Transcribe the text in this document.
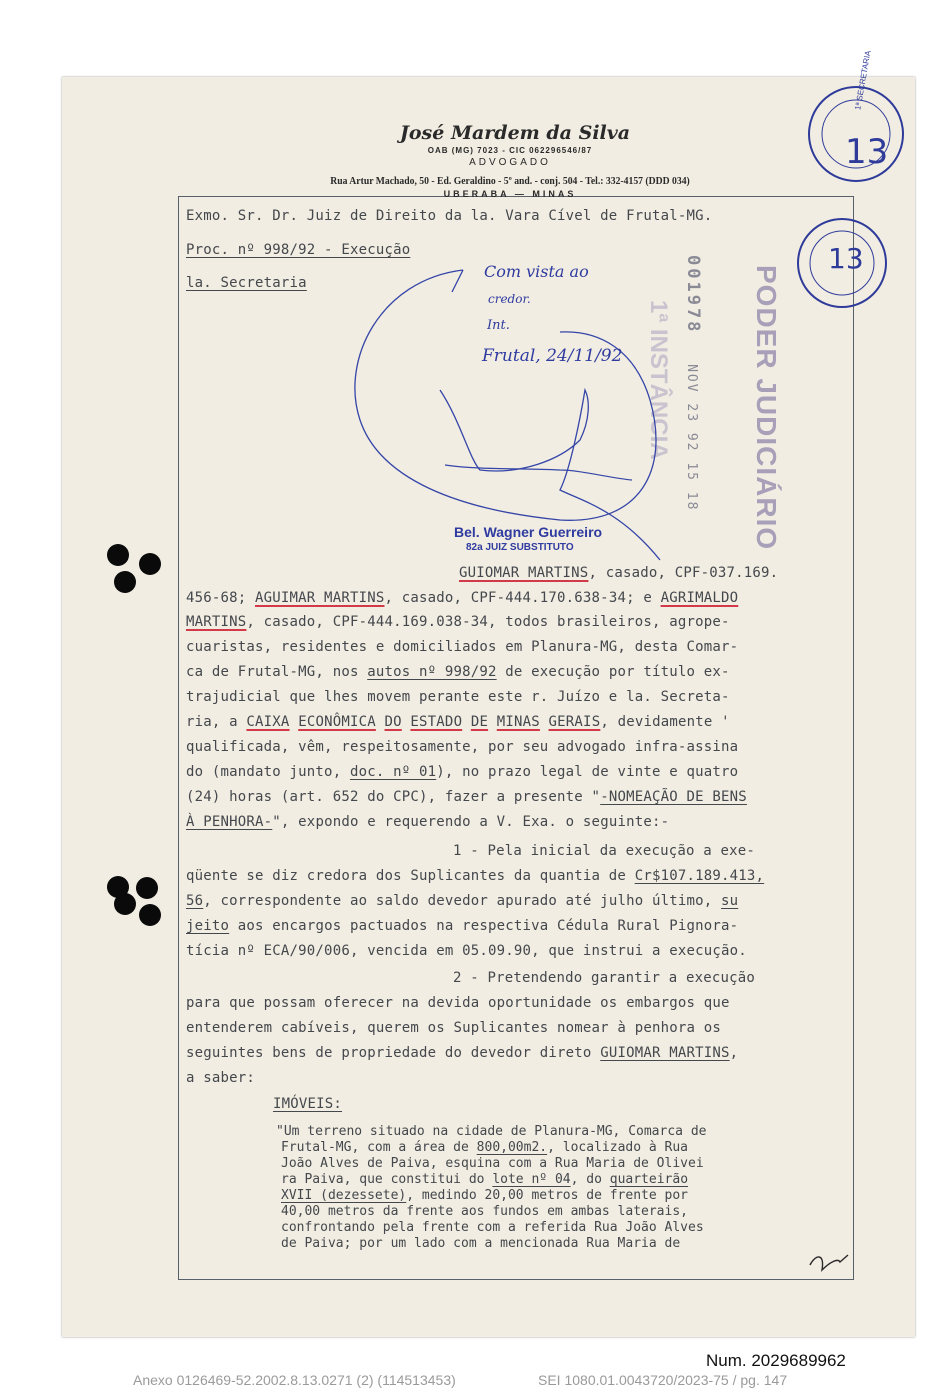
José Mardem da Silva
OAB (MG) 7023 - CIC 062296546/87
ADVOGADO
Rua Artur Machado, 50 - Ed. Geraldino - 5º and. - conj. 504 - Tel.: 332-4157 (DDD 034)
UBERABA — MINAS
Exmo. Sr. Dr. Juiz de Direito da la. Vara Cível de Frutal-MG.
Proc. nº 998/92 - Execução
la. Secretaria	001978 NOV 23 92 15 18 PODER JUDICIÁRIO
1ª INSTÂNCIA
1ª SECRETARIA
13
13
Com vista ao
credor.
Int.
Frutal, 24/11/92
Bel. Wagner Guerreiro
82a JUIZ SUBSTITUTO
GUIOMAR MARTINS, casado, CPF-037.169.
456-68; AGUIMAR MARTINS, casado, CPF-444.170.638-34; e AGRIMALDO
MARTINS, casado, CPF-444.169.038-34, todos brasileiros, agrope-
cuaristas, residentes e domiciliados em Planura-MG, desta Comar-
ca de Frutal-MG, nos autos nº 998/92 de execução por título ex-
trajudicial que lhes movem perante este r. Juízo e la. Secreta-
ria, a CAIXA ECONÔMICA DO ESTADO DE MINAS GERAIS, devidamente '
qualificada, vêm, respeitosamente, por seu advogado infra-assina
do (mandato junto, doc. nº 01), no prazo legal de vinte e quatro
(24) horas (art. 652 do CPC), fazer a presente "-NOMEAÇÃO DE BENS
À PENHORA-", expondo e requerendo a V. Exa. o seguinte:-
1 - Pela inicial da execução a exe-
qüente se diz credora dos Suplicantes da quantia de Cr$107.189.413,
56, correspondente ao saldo devedor apurado até julho último, su
jeito aos encargos pactuados na respectiva Cédula Rural Pignora-
tícia nº ECA/90/006, vencida em 05.09.90, que instrui a execução.
2 - Pretendendo garantir a execução
para que possam oferecer na devida oportunidade os embargos que
entenderem cabíveis, querem os Suplicantes nomear à penhora os
seguintes bens de propriedade do devedor direto GUIOMAR MARTINS,
a saber:
IMÓVEIS:
"Um terreno situado na cidade de Planura-MG, Comarca de
Frutal-MG, com a área de 800,00m2., localizado à Rua
João Alves de Paiva, esquina com a Rua Maria de Olivei
ra Paiva, que constitui do lote nº 04, do quarteirão
XVII (dezessete), medindo 20,00 metros de frente por
40,00 metros da frente aos fundos em ambas laterais,
confrontando pela frente com a referida Rua João Alves
de Paiva; por um lado com a mencionada Rua Maria de
Num. 2029689962
Anexo 0126469-52.2002.8.13.0271 (2) (114513453)	SEI 1080.01.0043720/2023-75 / pg. 147
